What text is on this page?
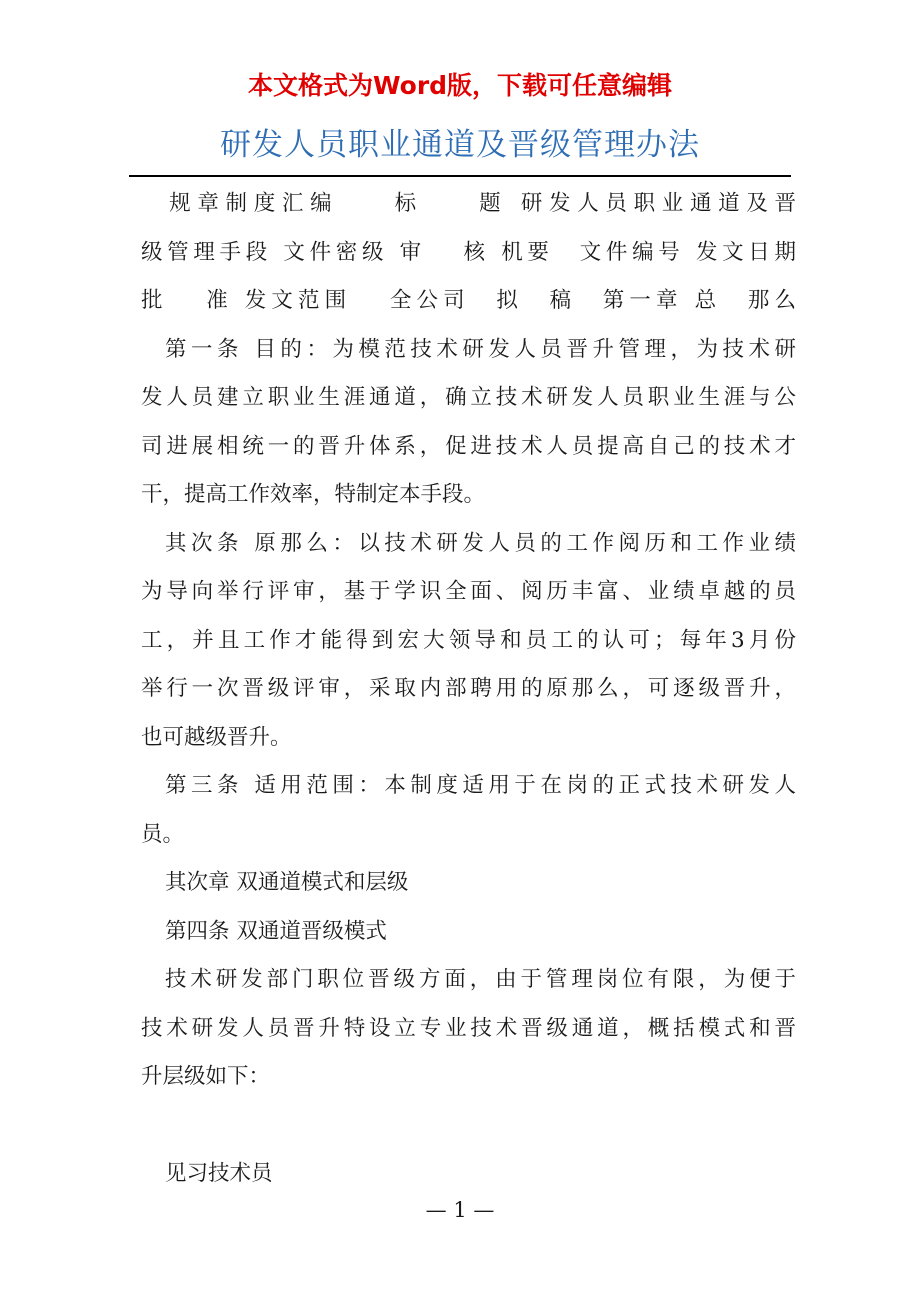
本文格式为Word版，下载可任意编辑
研发人员职业通道及晋级管理办法
　规章制度汇编　　标　　题 研发人员职业通道及晋
级管理手段 文件密级 审　 核 机要　文件编号 发文日期
批　 准 发文范围　 全公司　拟　稿　第一章 总　那么
第一条 目的：为模范技术研发人员晋升管理，为技术研
发人员建立职业生涯通道，确立技术研发人员职业生涯与公
司进展相统一的晋升体系，促进技术人员提高自己的技术才
干，提高工作效率，特制定本手段。
其次条 原那么：以技术研发人员的工作阅历和工作业绩
为导向举行评审，基于学识全面、阅历丰富、业绩卓越的员
工，并且工作才能得到宏大领导和员工的认可；每年3月份
举行一次晋级评审，采取内部聘用的原那么，可逐级晋升，
也可越级晋升。
第三条 适用范围：本制度适用于在岗的正式技术研发人
员。
其次章 双通道模式和层级
第四条 双通道晋级模式
技术研发部门职位晋级方面，由于管理岗位有限，为便于
技术研发人员晋升特设立专业技术晋级通道，概括模式和晋
升层级如下：
见习技术员
— 1 —
